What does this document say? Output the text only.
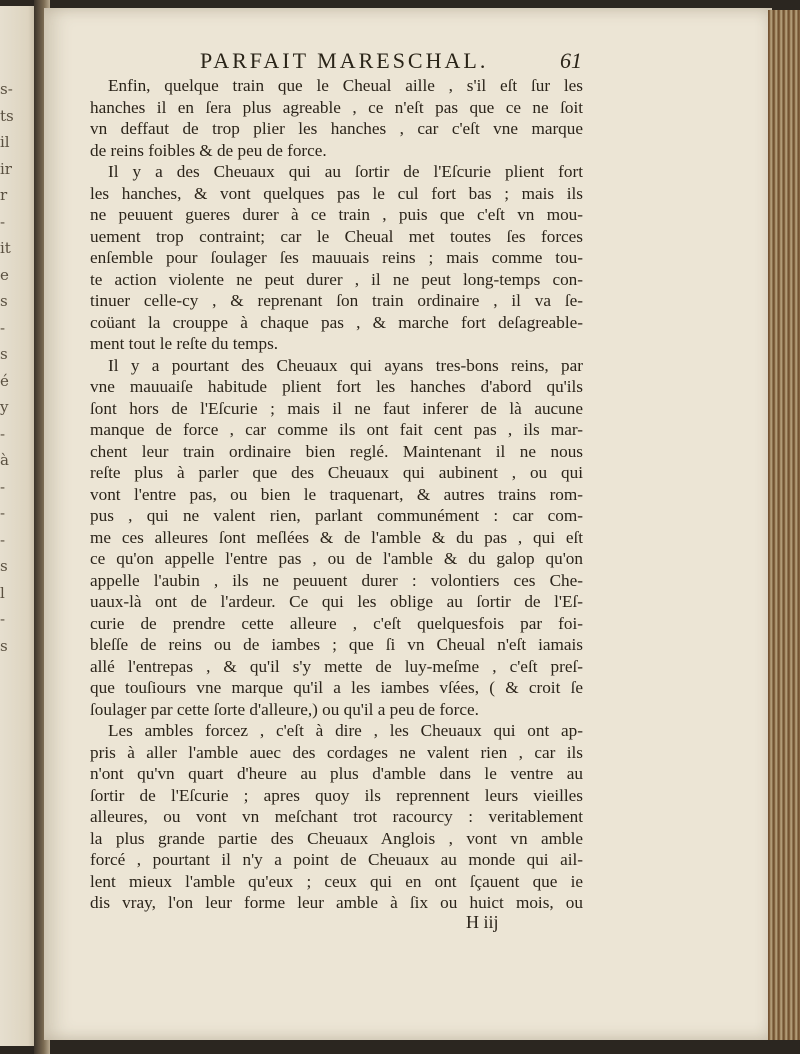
s-
ts
il
ir
r
-
it
e
s
-
s
é
y
-
à
-
-
-
s
l
-
s
PARFAIT MARESCHAL.	61
Enfin, quelque train que le Cheual aille , s'il eſt ſur les
hanches il en ſera plus agreable , ce n'eſt pas que ce ne ſoit
vn deffaut de trop plier les hanches , car c'eſt vne marque
de reins foibles & de peu de force.
Il y a des Cheuaux qui au ſortir de l'Eſcurie plient fort
les hanches, & vont quelques pas le cul fort bas ; mais ils
ne peuuent gueres durer à ce train , puis que c'eſt vn mou-
uement trop contraint; car le Cheual met toutes ſes forces
enſemble pour ſoulager ſes mauuais reins ; mais comme tou-
te action violente ne peut durer , il ne peut long-temps con-
tinuer celle-cy , & reprenant ſon train ordinaire , il va ſe-
coüant la crouppe à chaque pas , & marche fort deſagreable-
ment tout le reſte du temps.
Il y a pourtant des Cheuaux qui ayans tres-bons reins, par
vne mauuaiſe habitude plient fort les hanches d'abord qu'ils
ſont hors de l'Eſcurie ; mais il ne faut inferer de là aucune
manque de force , car comme ils ont fait cent pas , ils mar-
chent leur train ordinaire bien reglé. Maintenant il ne nous
reſte plus à parler que des Cheuaux qui aubinent , ou qui
vont l'entre pas, ou bien le traquenart, & autres trains rom-
pus , qui ne valent rien, parlant communément : car com-
me ces alleures ſont meſlées & de l'amble & du pas , qui eſt
ce qu'on appelle l'entre pas , ou de l'amble & du galop qu'on
appelle l'aubin , ils ne peuuent durer : volontiers ces Che-
uaux-là ont de l'ardeur. Ce qui les oblige au ſortir de l'Eſ-
curie de prendre cette alleure , c'eſt quelquesfois par foi-
bleſſe de reins ou de iambes ; que ſi vn Cheual n'eſt iamais
allé l'entrepas , & qu'il s'y mette de luy-meſme , c'eſt preſ-
que touſiours vne marque qu'il a les iambes vſées, ( & croit ſe
ſoulager par cette ſorte d'alleure,) ou qu'il a peu de force.
Les ambles forcez , c'eſt à dire , les Cheuaux qui ont ap-
pris à aller l'amble auec des cordages ne valent rien , car ils
n'ont qu'vn quart d'heure au plus d'amble dans le ventre au
ſortir de l'Eſcurie ; apres quoy ils reprennent leurs vieilles
alleures, ou vont vn meſchant trot racourcy : veritablement
la plus grande partie des Cheuaux Anglois , vont vn amble
forcé , pourtant il n'y a point de Cheuaux au monde qui ail-
lent mieux l'amble qu'eux ; ceux qui en ont ſçauent que ie
dis vray, l'on leur forme leur amble à ſix ou huict mois, ou
H iij
